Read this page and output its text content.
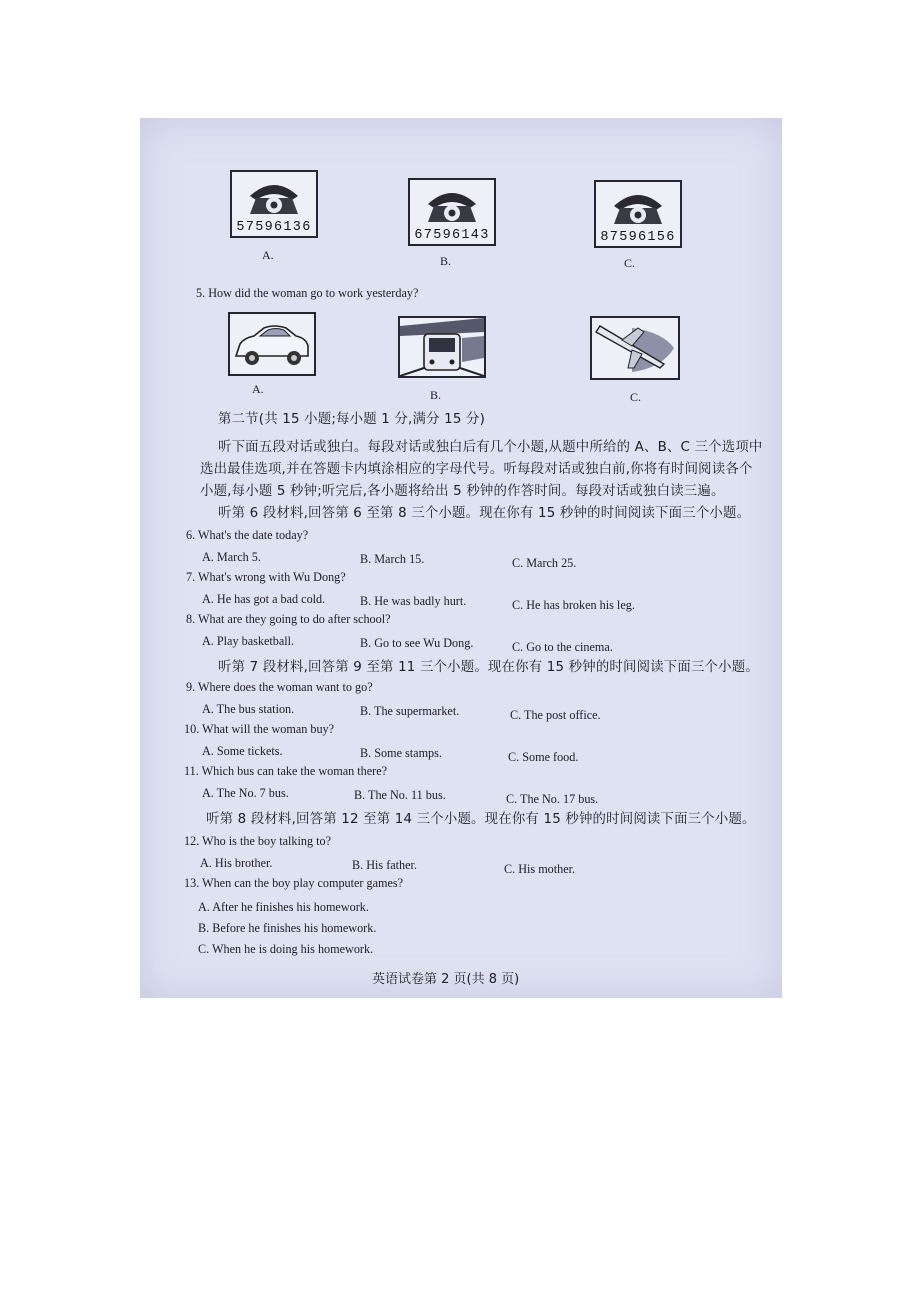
57596136
A.
67596143
B.
87596156
C.
5. How did the woman go to work yesterday?
A.	B.	C.
第二节(共 15 小题;每小题 1 分,满分 15 分)
听下面五段对话或独白。每段对话或独白后有几个小题,从题中所给的 A、B、C 三个选项中
选出最佳选项,并在答题卡内填涂相应的字母代号。听每段对话或独白前,你将有时间阅读各个
小题,每小题 5 秒钟;听完后,各小题将给出 5 秒钟的作答时间。每段对话或独白读三遍。
听第 6 段材料,回答第 6 至第 8 三个小题。现在你有 15 秒钟的时间阅读下面三个小题。
6. What's the date today?
A. March 5.	B. March 15.	C. March 25.
7. What's wrong with Wu Dong?
A. He has got a bad cold.	B. He was badly hurt.	C. He has broken his leg.
8. What are they going to do after school?
A. Play basketball.	B. Go to see Wu Dong.	C. Go to the cinema.
听第 7 段材料,回答第 9 至第 11 三个小题。现在你有 15 秒钟的时间阅读下面三个小题。
9. Where does the woman want to go?
A. The bus station.	B. The supermarket.	C. The post office.
10. What will the woman buy?
A. Some tickets.	B. Some stamps.	C. Some food.
11. Which bus can take the woman there?
A. The No. 7 bus.	B. The No. 11 bus.	C. The No. 17 bus.
听第 8 段材料,回答第 12 至第 14 三个小题。现在你有 15 秒钟的时间阅读下面三个小题。
12. Who is the boy talking to?
A. His brother.	B. His father.	C. His mother.
13. When can the boy play computer games?
A. After he finishes his homework.
B. Before he finishes his homework.
C. When he is doing his homework.
英语试卷第 2 页(共 8 页)
